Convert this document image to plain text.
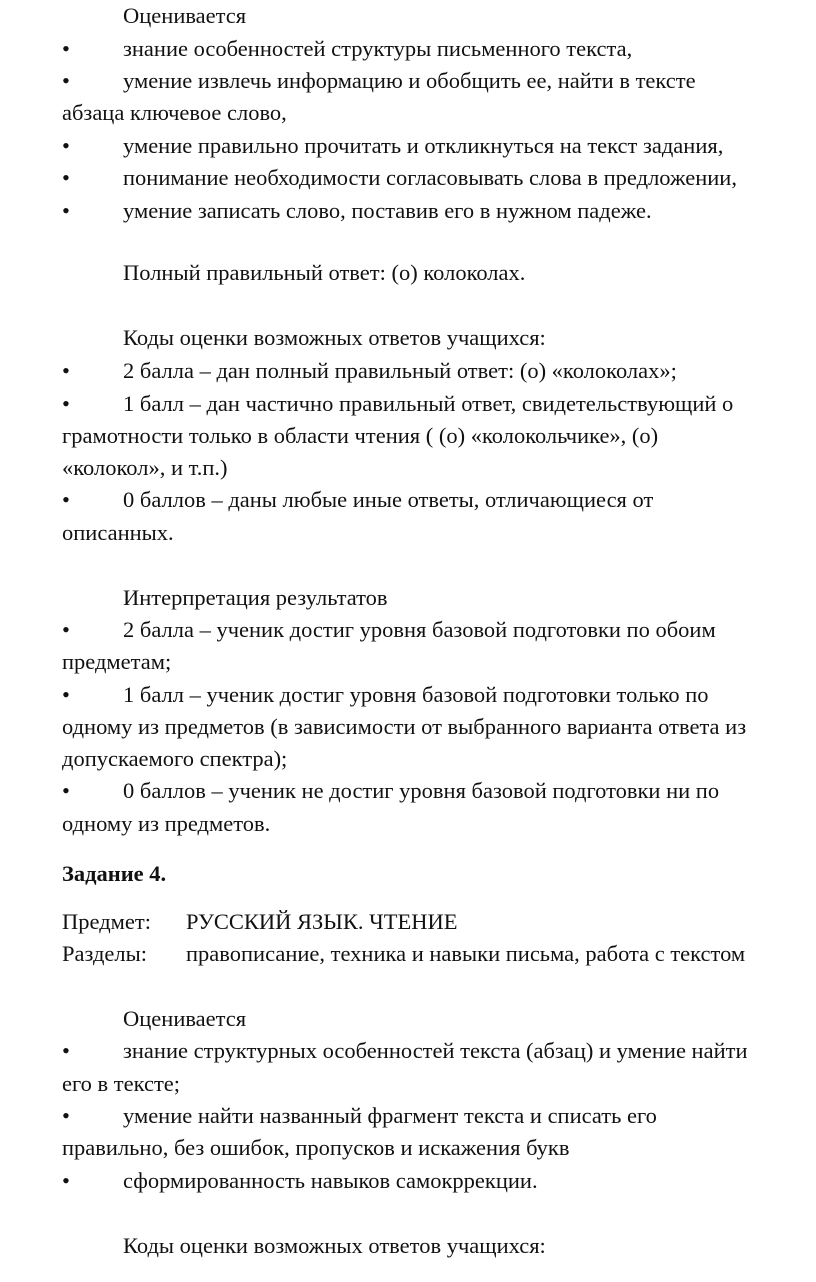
Оценивается
• знание особенностей структуры письменного текста,
• умение извлечь информацию и обобщить ее, найти в тексте
абзаца ключевое слово,
• умение правильно прочитать и откликнуться на текст задания,
• понимание необходимости согласовывать слова в предложении,
• умение записать слово, поставив его в нужном падеже.
Полный правильный ответ: (о) колоколах.
Коды оценки возможных ответов учащихся:
• 2 балла – дан полный правильный ответ: (о) «колоколах»;
• 1 балл – дан частично правильный ответ, свидетельствующий о
грамотности только в области чтения ( (о) «колокольчике», (о)
«колокол», и т.п.)
• 0 баллов – даны любые иные ответы, отличающиеся от
описанных.
Интерпретация результатов
• 2 балла – ученик достиг уровня базовой подготовки по обоим
предметам;
• 1 балл – ученик достиг уровня базовой подготовки только по
одному из предметов (в зависимости от выбранного варианта ответа из
допускаемого спектра);
• 0 баллов – ученик не достиг уровня базовой подготовки ни по
одному из предметов.
Задание 4.
Предмет: РУССКИЙ ЯЗЫК. ЧТЕНИЕ
Разделы: правописание, техника и навыки письма, работа с текстом
Оценивается
• знание структурных особенностей текста (абзац) и умение найти
его в тексте;
• умение найти названный фрагмент текста и списать его
правильно, без ошибок, пропусков и искажения букв
• сформированность навыков самокррекции.
Коды оценки возможных ответов учащихся:
